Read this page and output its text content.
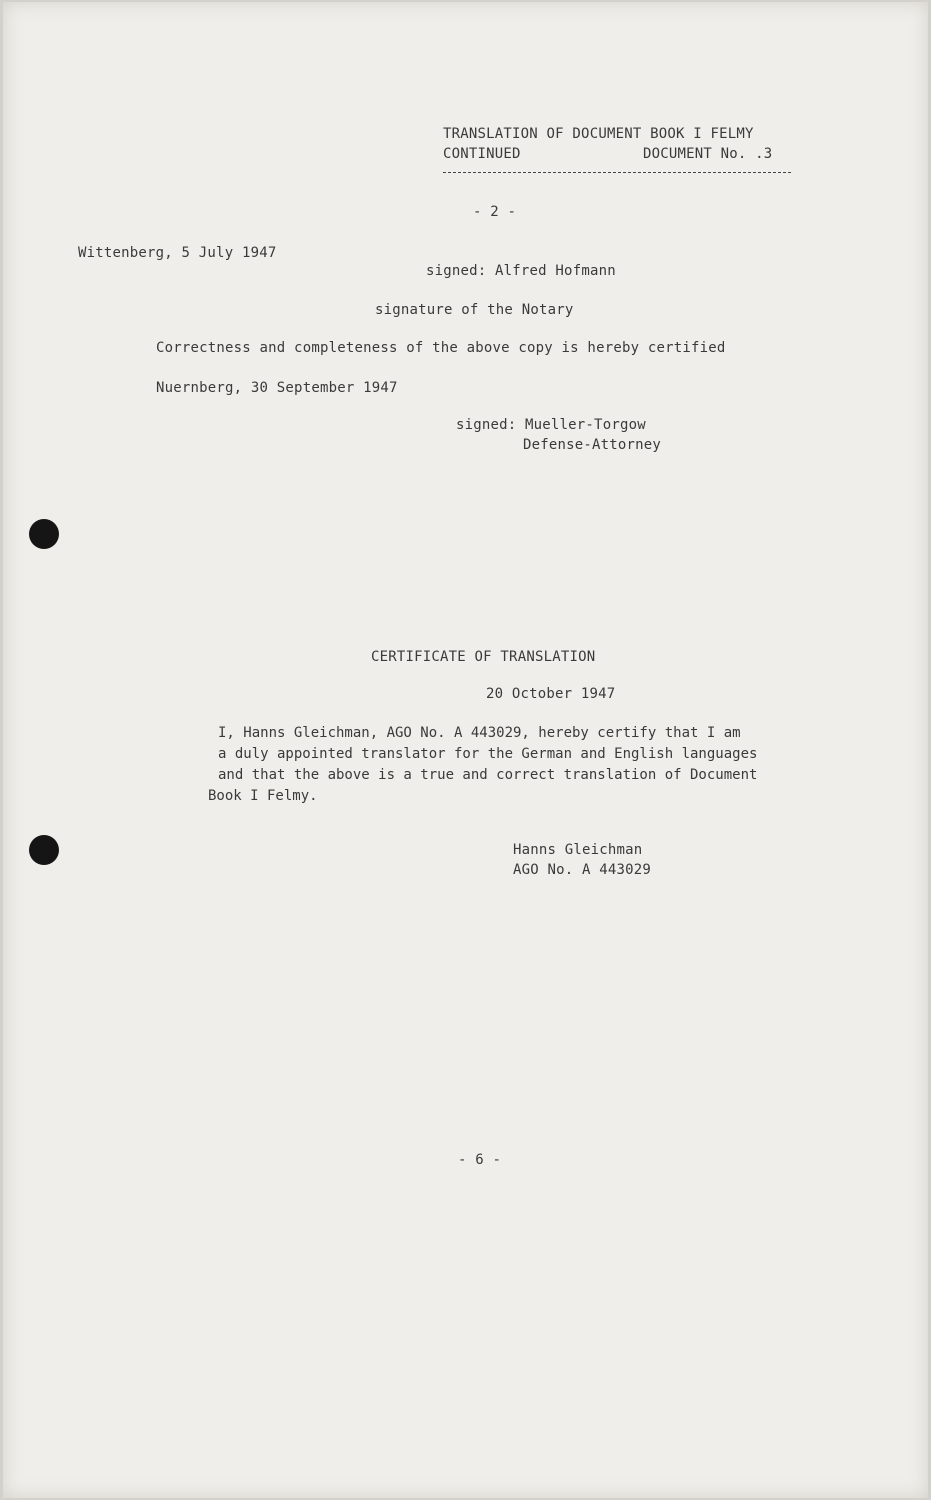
TRANSLATION OF DOCUMENT BOOK I FELMY
CONTINUED	DOCUMENT No. .3
- 2 -
Wittenberg, 5 July 1947
signed: Alfred Hofmann
signature of the Notary
Correctness and completeness of the above copy is hereby certified
Nuernberg, 30 September 1947
signed: Mueller-Torgow
Defense-Attorney
CERTIFICATE OF TRANSLATION
20 October 1947
I, Hanns Gleichman, AGO No. A 443029, hereby certify that I am
a duly appointed translator for the German and English languages
and that the above is a true and correct translation of Document
Book I Felmy.
Hanns Gleichman
AGO No. A 443029
- 6 -
